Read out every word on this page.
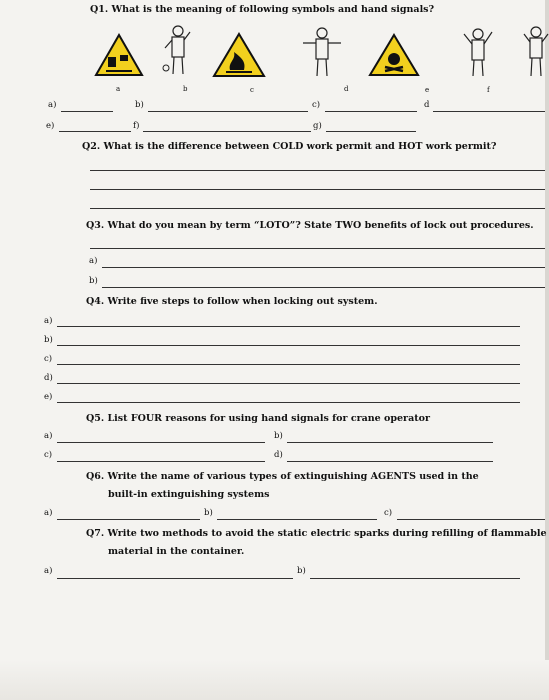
Q1. What is the meaning of following symbols and hand signals?
a	b	c	d	e	f
a)	b)	c)	d
e)	f)	g)
Q2. What is the difference between COLD work permit and HOT work permit?
Q3. What do you mean by term “LOTO”? State TWO benefits of lock out procedures.
a)
b)
Q4. Write five steps to follow when locking out system.
a)
b)
c)
d)
e)
Q5. List FOUR reasons for using hand signals for crane operator
a)	b)
c)	d)
Q6. Write the name of various types of extinguishing AGENTS used in the
built-in extinguishing systems
a)	b)	c)
Q7. Write two methods to avoid the static electric sparks during refilling of flammable
material in the container.
a)	b)
